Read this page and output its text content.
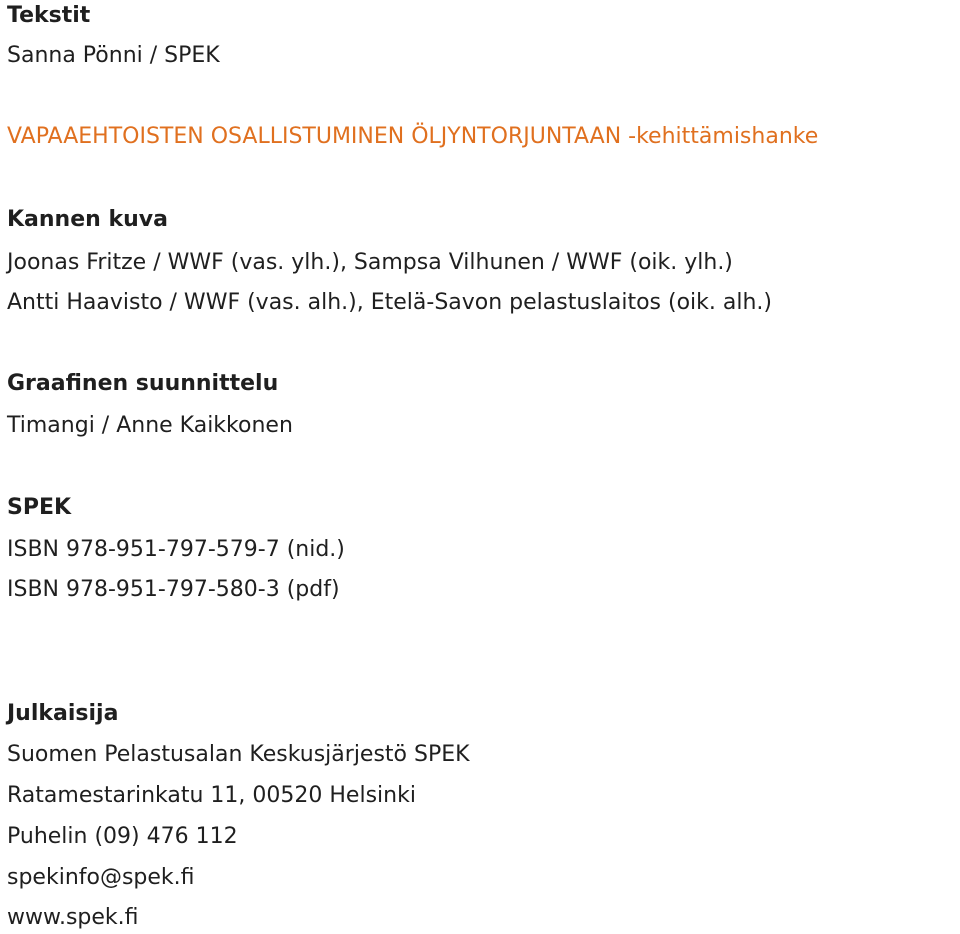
Tekstit
Sanna Pönni / SPEK
VAPAAEHTOISTEN OSALLISTUMINEN ÖLJYNTORJUNTAAN -kehittämishanke
Kannen kuva
Joonas Fritze / WWF (vas. ylh.), Sampsa Vilhunen / WWF (oik. ylh.)
Antti Haavisto / WWF (vas. alh.), Etelä-Savon pelastuslaitos (oik. alh.)
Graafinen suunnittelu
Timangi / Anne Kaikkonen
SPEK
ISBN 978-951-797-579-7 (nid.)
ISBN 978-951-797-580-3 (pdf)
Julkaisija
Suomen Pelastusalan Keskusjärjestö SPEK
Ratamestarinkatu 11, 00520 Helsinki
Puhelin (09) 476 112
spekinfo@spek.fi
www.spek.fi
